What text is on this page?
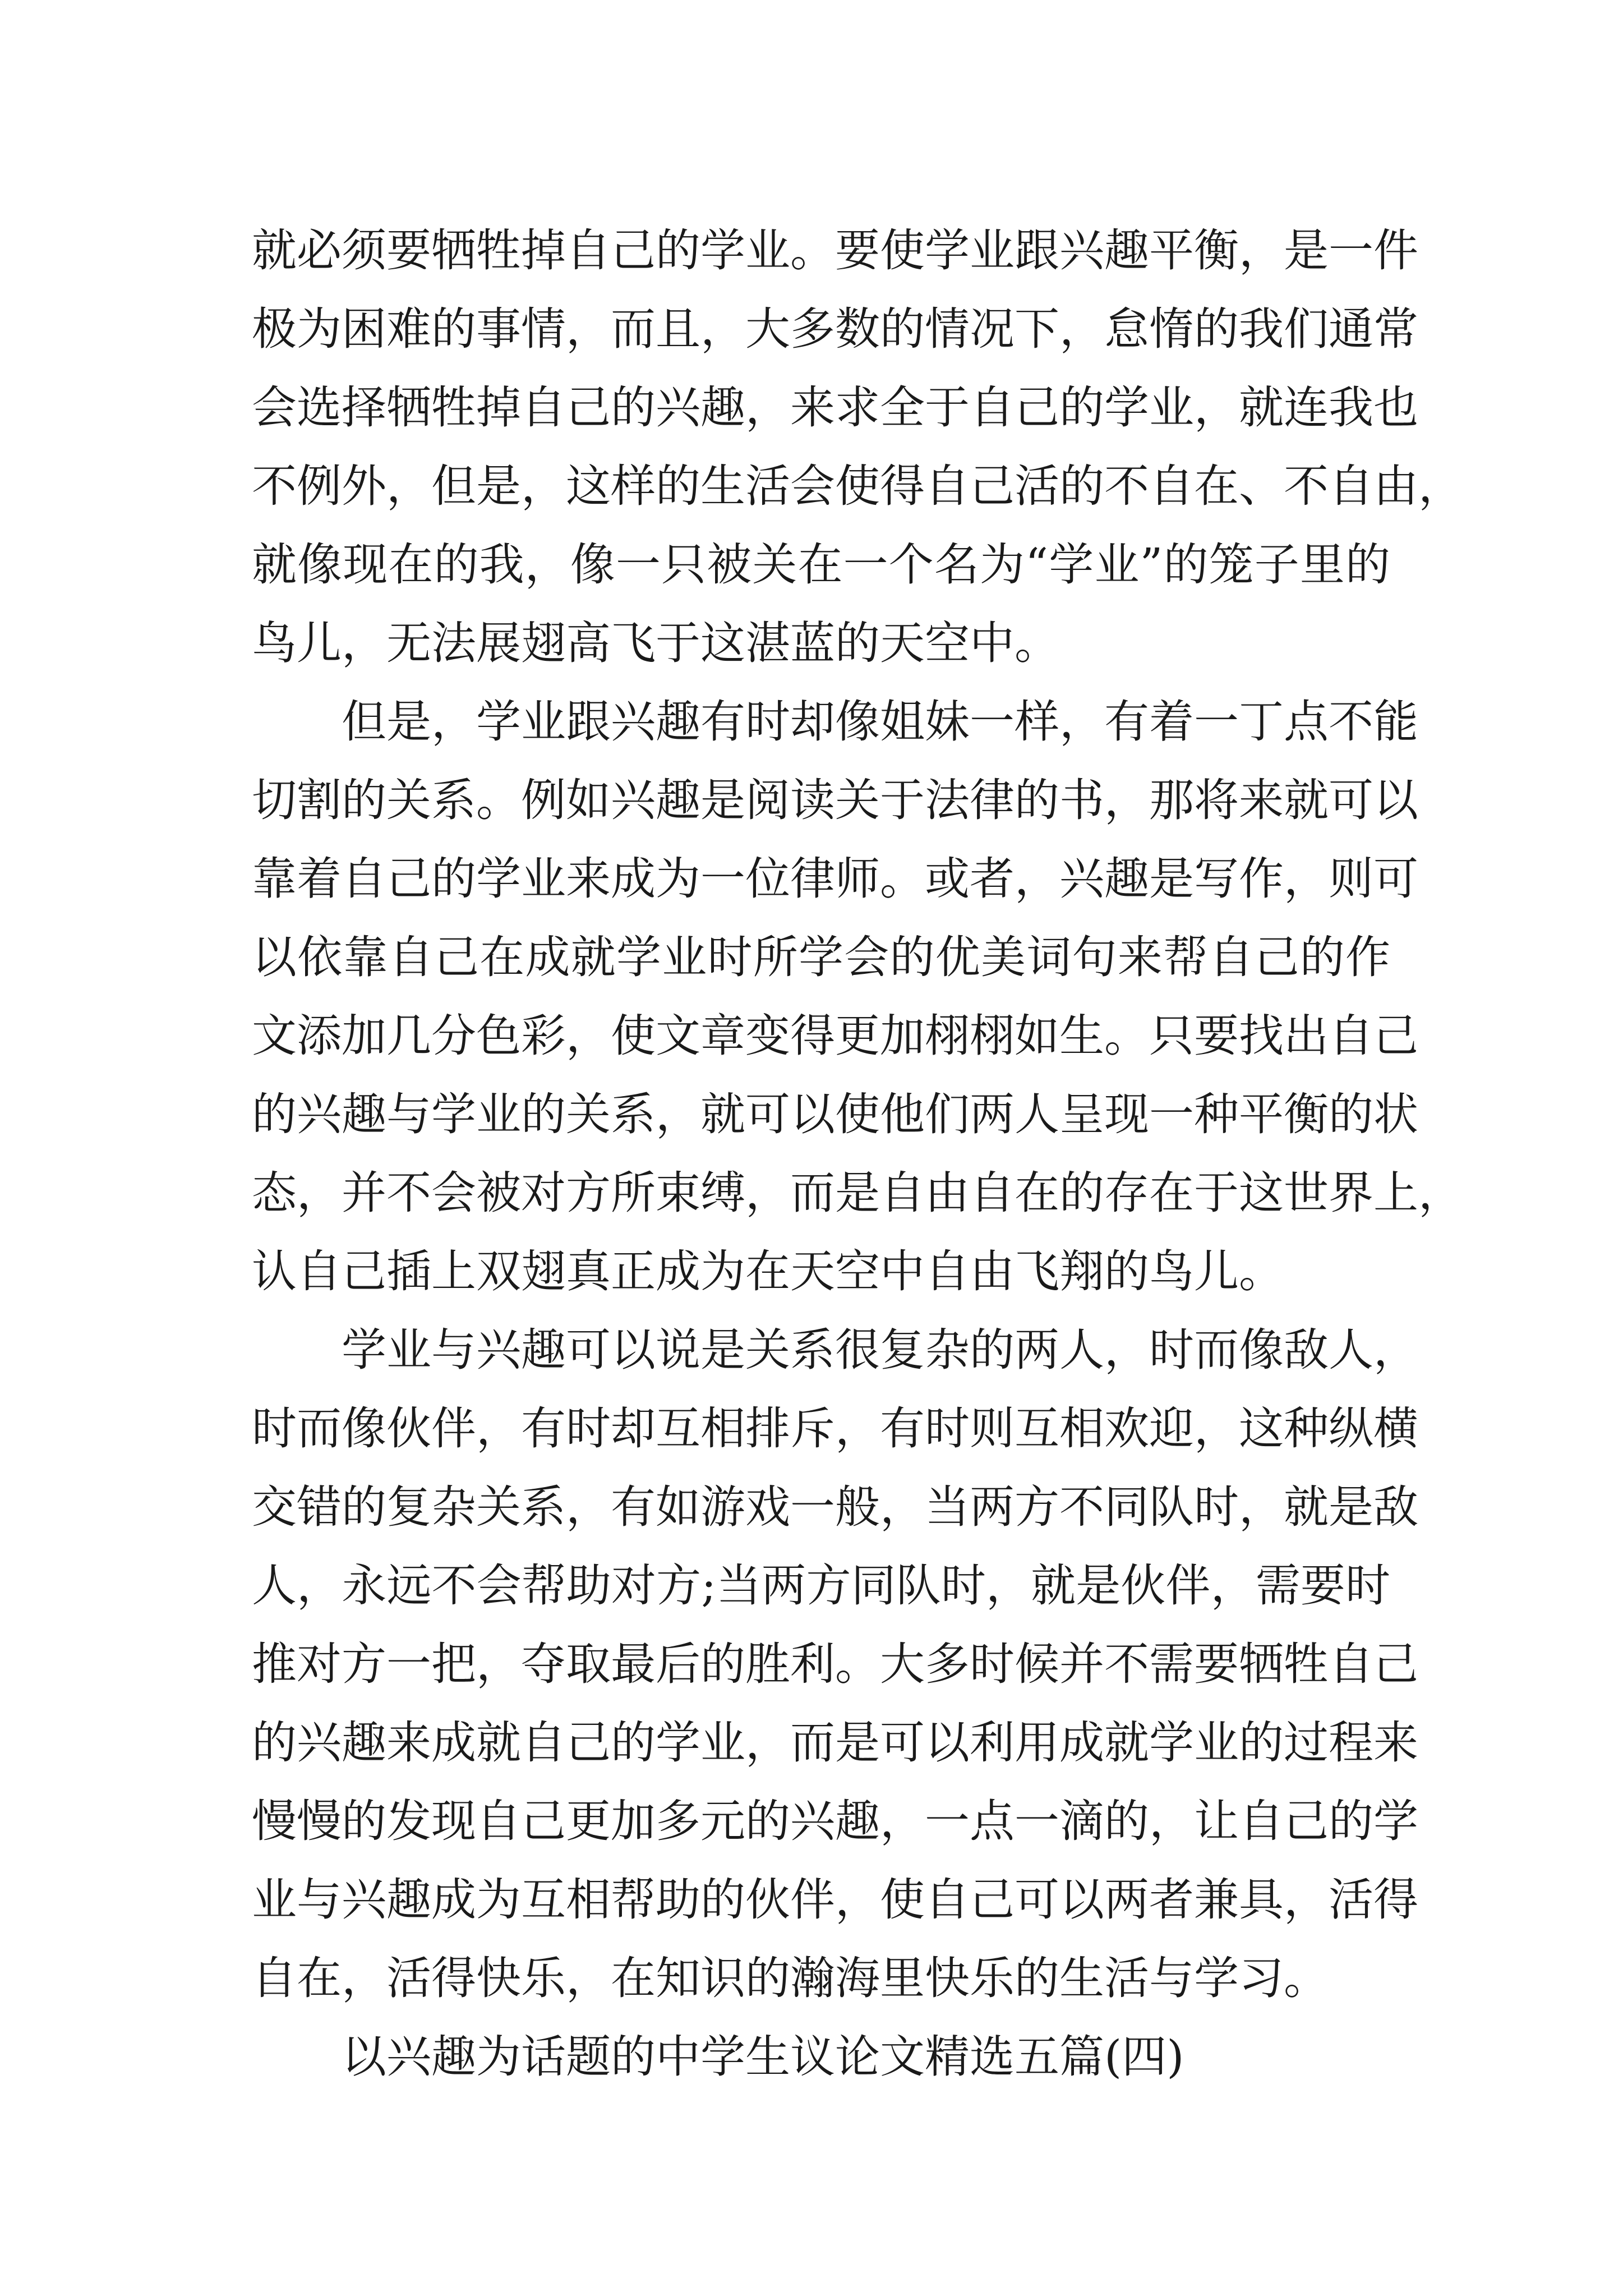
就必须要牺牲掉自己的学业。要使学业跟兴趣平衡，是一件
极为困难的事情，而且，大多数的情况下，怠惰的我们通常
会选择牺牲掉自己的兴趣，来求全于自己的学业，就连我也
不例外，但是，这样的生活会使得自己活的不自在、不自由，
就像现在的我，像一只被关在一个名为“学业”的笼子里的
鸟儿，无法展翅高飞于这湛蓝的天空中。
但是，学业跟兴趣有时却像姐妹一样，有着一丁点不能
切割的关系。例如兴趣是阅读关于法律的书，那将来就可以
靠着自己的学业来成为一位律师。或者，兴趣是写作，则可
以依靠自己在成就学业时所学会的优美词句来帮自己的作
文添加几分色彩，使文章变得更加栩栩如生。只要找出自己
的兴趣与学业的关系，就可以使他们两人呈现一种平衡的状
态，并不会被对方所束缚，而是自由自在的存在于这世界上，
认自己插上双翅真正成为在天空中自由飞翔的鸟儿。
学业与兴趣可以说是关系很复杂的两人，时而像敌人，
时而像伙伴，有时却互相排斥，有时则互相欢迎，这种纵横
交错的复杂关系，有如游戏一般，当两方不同队时，就是敌
人，永远不会帮助对方;当两方同队时，就是伙伴，需要时
推对方一把，夺取最后的胜利。大多时候并不需要牺牲自己
的兴趣来成就自己的学业，而是可以利用成就学业的过程来
慢慢的发现自己更加多元的兴趣，一点一滴的，让自己的学
业与兴趣成为互相帮助的伙伴，使自己可以两者兼具，活得
自在，活得快乐，在知识的瀚海里快乐的生活与学习。
以兴趣为话题的中学生议论文精选五篇(四)
